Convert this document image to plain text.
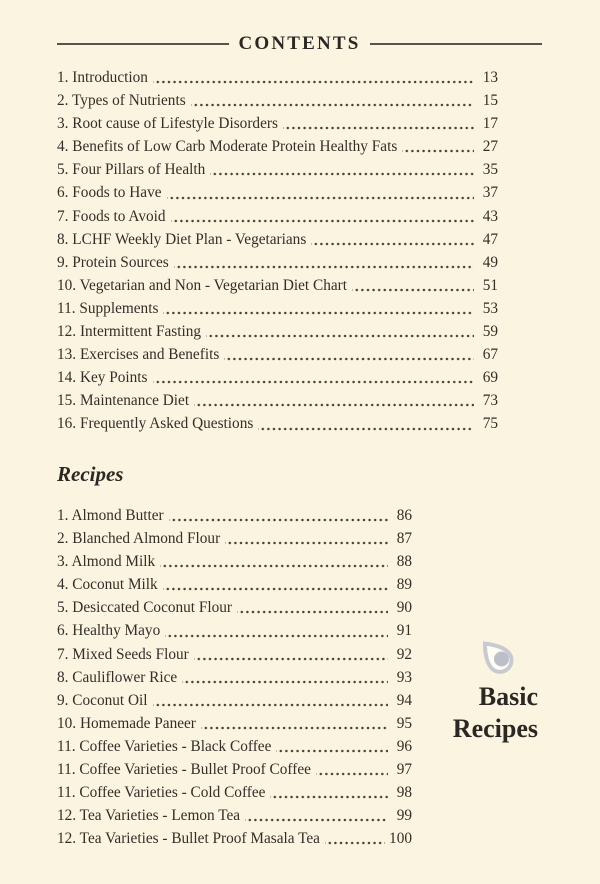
CONTENTS
1. Introduction	13
2. Types of Nutrients	15
3. Root cause of Lifestyle Disorders	17
4. Benefits of Low Carb Moderate Protein Healthy Fats	27
5. Four Pillars of Health	35
6. Foods to Have	37
7. Foods to Avoid	43
8. LCHF Weekly Diet Plan - Vegetarians	47
9. Protein Sources	49
10. Vegetarian and Non - Vegetarian Diet Chart	51
11. Supplements	53
12. Intermittent Fasting	59
13. Exercises and Benefits	67
14. Key Points	69
15. Maintenance Diet	73
16. Frequently Asked Questions	75
Recipes
1. Almond Butter	86
2. Blanched Almond Flour	87
3. Almond Milk	88
4. Coconut Milk	89
5. Desiccated Coconut Flour	90
6. Healthy Mayo	91
7. Mixed Seeds Flour	92
8. Cauliflower Rice	93
9. Coconut Oil	94
10. Homemade Paneer	95
11. Coffee Varieties - Black Coffee	96
11. Coffee Varieties - Bullet Proof Coffee	97
11. Coffee Varieties - Cold Coffee	98
12. Tea Varieties - Lemon Tea	99
12. Tea Varieties - Bullet Proof Masala Tea	100
Basic
Recipes
